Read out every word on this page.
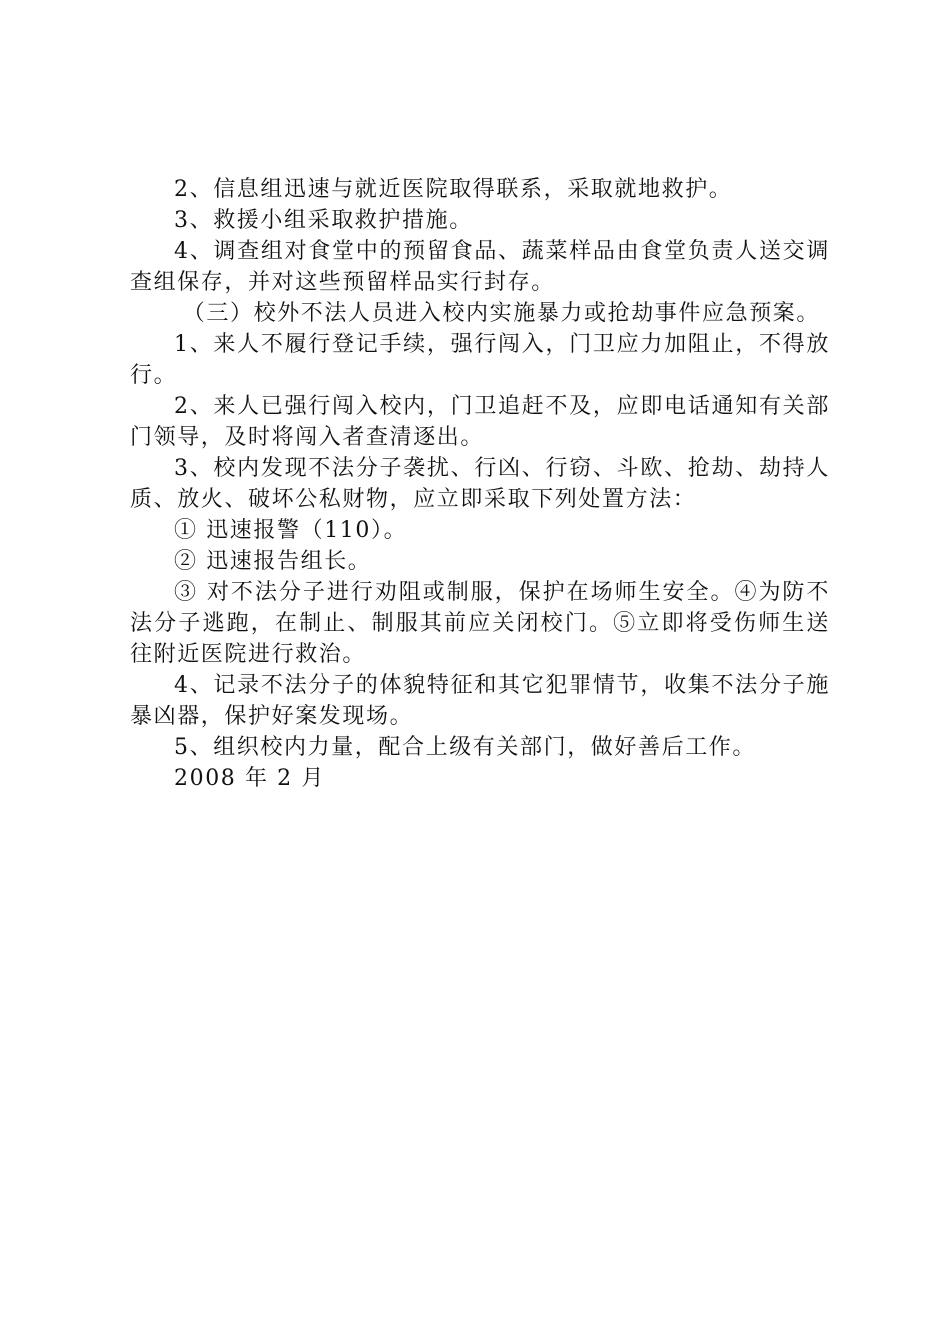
2、信息组迅速与就近医院取得联系，采取就地救护。

3、救援小组采取救护措施。

4、调查组对食堂中的预留食品、蔬菜样品由食堂负责人送交调查组保存，并对这些预留样品实行封存。

（三）校外不法人员进入校内实施暴力或抢劫事件应急预案。

1、来人不履行登记手续，强行闯入，门卫应力加阻止，不得放行。

2、来人已强行闯入校内，门卫追赶不及，应即电话通知有关部门领导，及时将闯入者查清逐出。

3、校内发现不法分子袭扰、行凶、行窃、斗欧、抢劫、劫持人质、放火、破坏公私财物，应立即采取下列处置方法：

① 迅速报警（110）。

② 迅速报告组长。

③ 对不法分子进行劝阻或制服，保护在场师生安全。④为防不法分子逃跑，在制止、制服其前应关闭校门。⑤立即将受伤师生送往附近医院进行救治。

4、记录不法分子的体貌特征和其它犯罪情节，收集不法分子施暴凶器，保护好案发现场。

5、组织校内力量，配合上级有关部门，做好善后工作。

2008 年 2 月
